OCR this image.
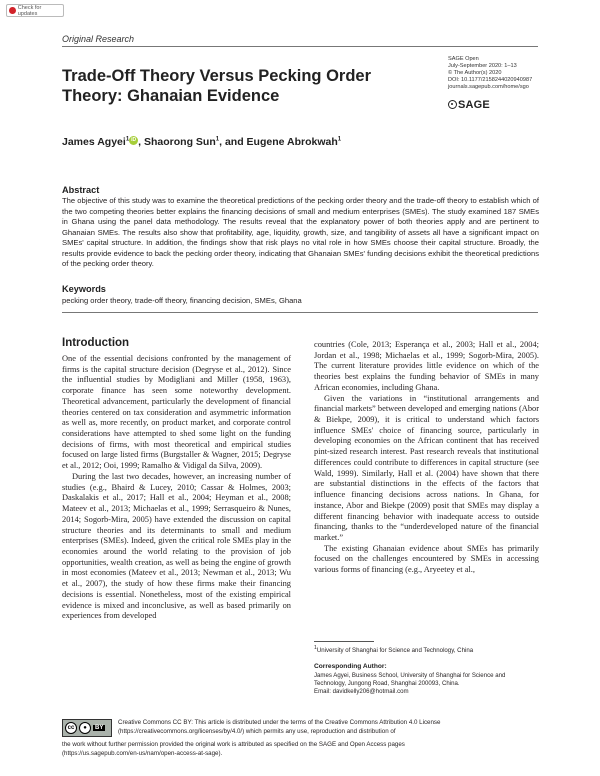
Check for updates
Original Research
SAGE Open
July-September 2020: 1–13
© The Author(s) 2020
DOI: 10.1177/2158244020940987
journals.sagepub.com/home/sgo
SAGE
Trade-Off Theory Versus Pecking Order Theory: Ghanaian Evidence
James Agyei$^1$ iD , Shaorong Sun$^1$, and Eugene Abrokwah$^1$
Abstract
The objective of this study was to examine the theoretical predictions of the pecking order theory and the trade-off theory to establish which of the two competing theories better explains the financing decisions of small and medium enterprises (SMEs). The study examined 187 SMEs in Ghana using the panel data methodology. The results reveal that the explanatory power of both theories apply and are pertinent to Ghanaian SMEs. The results also show that profitability, age, liquidity, growth, size, and tangibility of assets all have a significant impact on SMEs' capital structure. In addition, the findings show that risk plays no vital role in how SMEs choose their capital structure. Broadly, the results provide evidence to back the pecking order theory, indicating that Ghanaian SMEs' funding decisions exhibit the theoretical predictions of the pecking order theory.
Keywords
pecking order theory, trade-off theory, financing decision, SMEs, Ghana
Introduction

One of the essential decisions confronted by the management of firms is the capital structure decision (Degryse et al., 2012). Since the influential studies by Modigliani and Miller (1958, 1963), corporate finance has seen some noteworthy development. Theoretical advancement, particularly the development of financial theories centered on tax consideration and asymmetric information as well as, more recently, on product market, and corporate control considerations have attempted to shed some light on the funding decisions of firms, with most theoretical and empirical studies focused on large listed firms (Burgstaller & Wagner, 2015; Degryse et al., 2012; Ooi, 1999; Ramalho & Vidigal da Silva, 2009).

During the last two decades, however, an increasing number of studies (e.g., Bhaird & Lucey, 2010; Cassar & Holmes, 2003; Daskalakis et al., 2017; Hall et al., 2004; Heyman et al., 2008; Mateev et al., 2013; Michaelas et al., 1999; Serrasqueiro & Nunes, 2014; Sogorb-Mira, 2005) have extended the discussion on capital structure theories and its determinants to small and medium enterprises (SMEs). Indeed, given the critical role SMEs play in the economies around the world relating to the provision of job opportunities, wealth creation, as well as being the engine of growth in most economies (Mateev et al., 2013; Newman et al., 2013; Wu et al., 2007), the study of how these firms make their financing decisions is essential. Nonetheless, most of the existing empirical evidence is mixed and inconclusive, as well as based primarily on experiences from developed

countries (Cole, 2013; Esperança et al., 2003; Hall et al., 2004; Jordan et al., 1998; Michaelas et al., 1999; Sogorb-Mira, 2005). The current literature provides little evidence on which of the theories best explains the funding behavior of SMEs in many African economies, including Ghana.

Given the variations in “institutional arrangements and financial markets” between developed and emerging nations (Abor & Biekpe, 2009), it is critical to understand which factors influence SMEs' choice of financing source, particularly in developing economies on the African continent that has received pint-sized research interest. Past research reveals that institutional differences could contribute to differences in capital structure (see Wald, 1999). Similarly, Hall et al. (2004) have shown that there are substantial distinctions in the effects of the factors that influence financing decisions across nations. In Ghana, for instance, Abor and Biekpe (2009) posit that SMEs may display a different financing behavior with inadequate access to outside financing, thanks to the “underdeveloped nature of the financial market.”

The existing Ghanaian evidence about SMEs has primarily focused on the challenges encountered by SMEs in accessing various forms of financing (e.g., Aryeetey et al.,

$^1$University of Shanghai for Science and Technology, China
Corresponding Author:
James Agyei, Business School, University of Shanghai for Science and
Technology, Jungong Road, Shanghai 200093, China.
Email: davidkelly206@hotmail.com
cc	●	BY
Creative Commons CC BY: This article is distributed under the terms of the Creative Commons Attribution 4.0 License
(https://creativecommons.org/licenses/by/4.0/) which permits any use, reproduction and distribution of
the work without further permission provided the original work is attributed as specified on the SAGE and Open Access pages
(https://us.sagepub.com/en-us/nam/open-access-at-sage).
